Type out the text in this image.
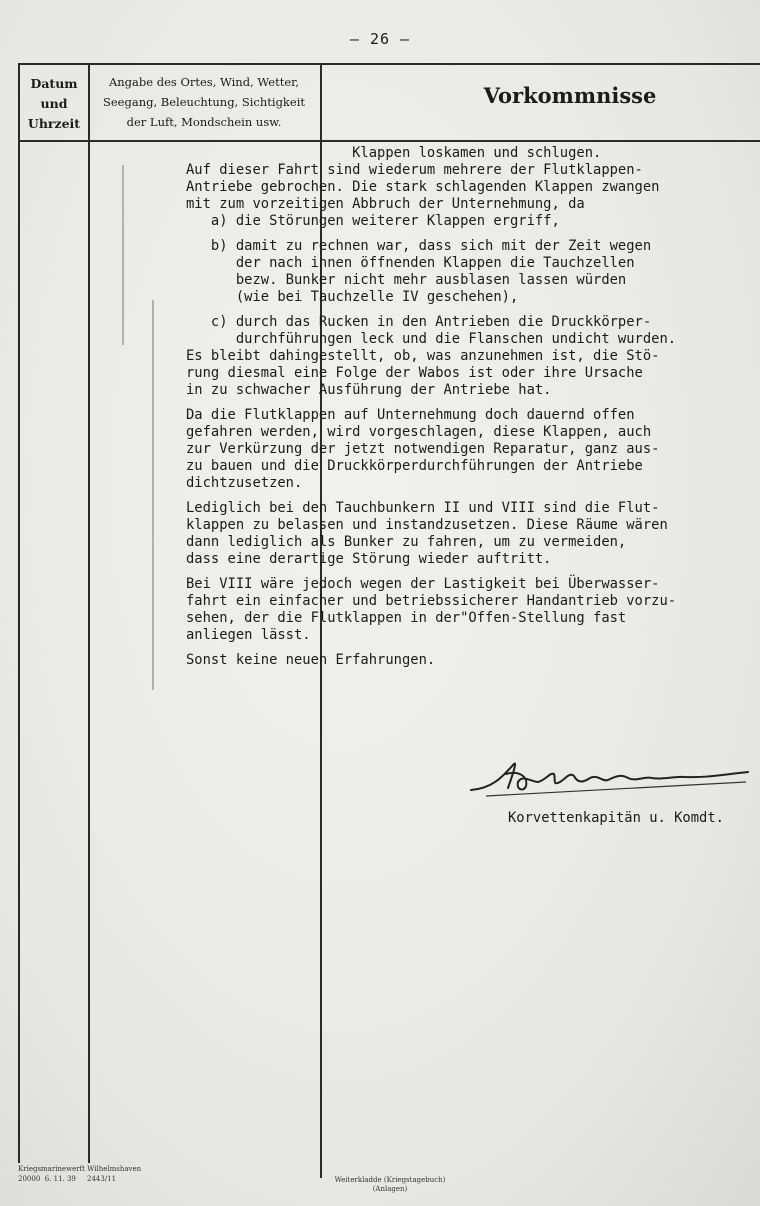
— 26 —
Datum
und
Uhrzeit
Angabe des Ortes, Wind, Wetter,
Seegang, Beleuchtung, Sichtigkeit
der Luft, Mondschein usw.
Vorkommnisse
Klappen loskamen und schlugen.
Auf dieser Fahrt sind wiederum mehrere der Flutklappen-
Antriebe gebrochen. Die stark schlagenden Klappen zwangen
mit zum vorzeitigen Abbruch der Unternehmung, da
a) die Störungen weiterer Klappen ergriff,

b) damit zu rechnen war, dass sich mit der Zeit wegen
der nach innen öffnenden Klappen die Tauchzellen
bezw. Bunker nicht mehr ausblasen lassen würden
(wie bei Tauchzelle IV geschehen),

c) durch das Rucken in den Antrieben die Druckkörper-
durchführungen leck und die Flanschen undicht wurden.
Es bleibt dahingestellt, ob, was anzunehmen ist, die Stö-
rung diesmal eine Folge der Wabos ist oder ihre Ursache
in zu schwacher Ausführung der Antriebe hat.

Da die Flutklappen auf Unternehmung doch dauernd offen
gefahren werden, wird vorgeschlagen, diese Klappen, auch
zur Verkürzung der jetzt notwendigen Reparatur, ganz aus-
zu bauen und die Druckkörperdurchführungen der Antriebe
dichtzusetzen.

Lediglich bei den Tauchbunkern II und VIII sind die Flut-
klappen zu belassen und instandzusetzen. Diese Räume wären
dann lediglich als Bunker zu fahren, um zu vermeiden,
dass eine derartige Störung wieder auftritt.

Bei VIII wäre jedoch wegen der Lastigkeit bei Überwasser-
fahrt ein einfacher und betriebssicherer Handantrieb vorzu-
sehen, der die Flutklappen in der"Offen-Stellung fast
anliegen lässt.

Sonst keine neuen Erfahrungen.
Korvettenkapitän u. Komdt.
Kriegsmarinewerft Wilhelmshaven
20000  6. 11. 39     2443/11	Weiterkladde (Kriegstagebuch)
(Anlagen)
